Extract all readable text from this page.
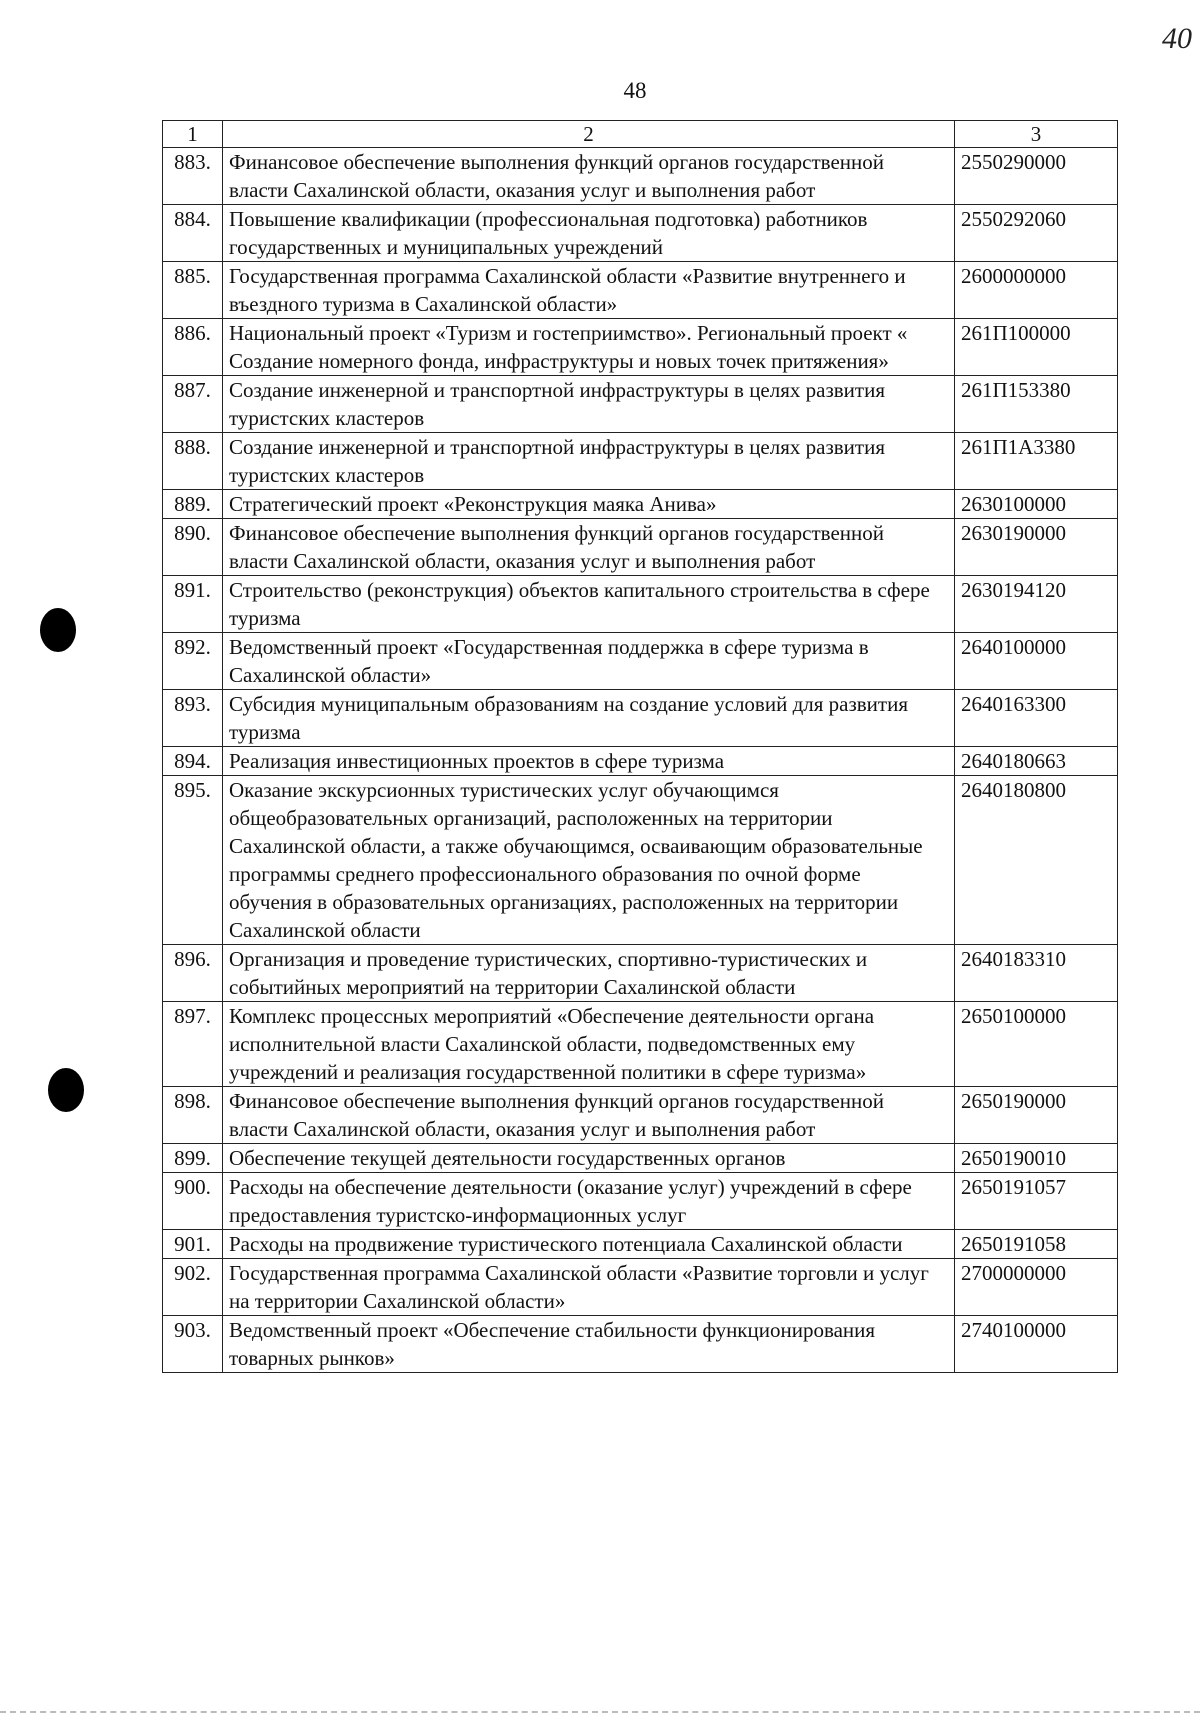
40
48
1	2	3
883.	Финансовое обеспечение выполнения функций органов государственной власти Сахалинской области, оказания услуг и выполнения работ	2550290000
884.	Повышение квалификации (профессиональная подготовка) работников государственных и муниципальных учреждений	2550292060
885.	Государственная программа Сахалинской области «Развитие внутреннего и въездного туризма в Сахалинской области»	2600000000
886.	Национальный проект «Туризм и гостеприимство». Региональный проект « Создание номерного фонда, инфраструктуры и новых точек притяжения»	261П100000
887.	Создание инженерной и транспортной инфраструктуры в целях развития туристских кластеров	261П153380
888.	Создание инженерной и транспортной инфраструктуры в целях развития туристских кластеров	261П1А3380
889.	Стратегический проект «Реконструкция маяка Анива»	2630100000
890.	Финансовое обеспечение выполнения функций органов государственной власти Сахалинской области, оказания услуг и выполнения работ	2630190000
891.	Строительство (реконструкция) объектов капитального строительства в сфере туризма	2630194120
892.	Ведомственный проект «Государственная поддержка в сфере туризма в Сахалинской области»	2640100000
893.	Субсидия муниципальным образованиям на создание условий для развития туризма	2640163300
894.	Реализация инвестиционных проектов в сфере туризма	2640180663
895.	Оказание экскурсионных туристических услуг обучающимся общеобразовательных организаций, расположенных на территории Сахалинской области, а также обучающимся, осваивающим образовательные программы среднего профессионального образования по очной форме обучения в образовательных организациях, расположенных на территории Сахалинской области	2640180800
896.	Организация и проведение туристических, спортивно-туристических и событийных мероприятий на территории Сахалинской области	2640183310
897.	Комплекс процессных мероприятий «Обеспечение деятельности органа исполнительной власти Сахалинской области, подведомственных ему учреждений и реализация государственной политики в сфере туризма»	2650100000
898.	Финансовое обеспечение выполнения функций органов государственной власти Сахалинской области, оказания услуг и выполнения работ	2650190000
899.	Обеспечение текущей деятельности государственных органов	2650190010
900.	Расходы на обеспечение деятельности (оказание услуг) учреждений в сфере предоставления туристско-информационных услуг	2650191057
901.	Расходы на продвижение туристического потенциала Сахалинской области	2650191058
902.	Государственная программа Сахалинской области «Развитие торговли и услуг на территории Сахалинской области»	2700000000
903.	Ведомственный проект «Обеспечение стабильности функционирования товарных рынков»	2740100000
